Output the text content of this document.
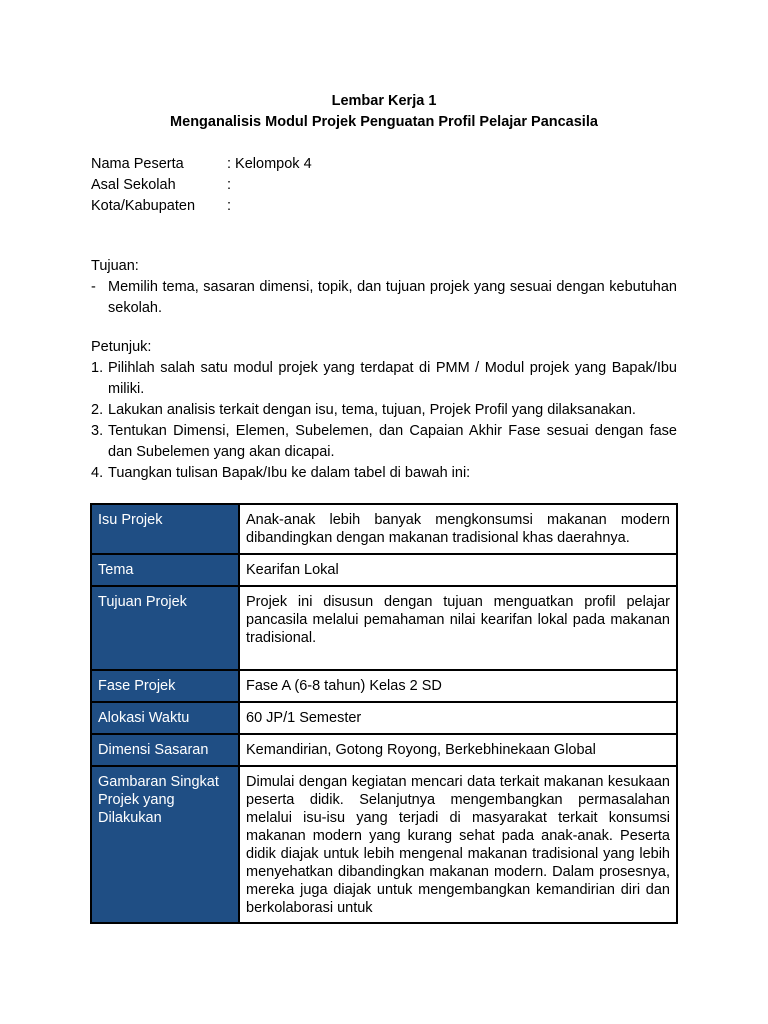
Lembar Kerja 1
Menganalisis Modul Projek Penguatan Profil Pelajar Pancasila
Nama Peserta	: Kelompok 4
Asal Sekolah	:
Kota/Kabupaten	:
Tujuan:
- Memilih tema, sasaran dimensi, topik, dan tujuan projek yang sesuai dengan kebutuhan sekolah.
Petunjuk:
1. Pilihlah salah satu modul projek yang terdapat di PMM / Modul projek yang Bapak/Ibu miliki.
2. Lakukan analisis terkait dengan isu, tema, tujuan, Projek Profil yang dilaksanakan.
3. Tentukan Dimensi, Elemen, Subelemen, dan Capaian Akhir Fase sesuai dengan fase dan Subelemen yang akan dicapai.
4. Tuangkan tulisan Bapak/Ibu ke dalam tabel di bawah ini:
Isu Projek	Anak-anak lebih banyak mengkonsumsi makanan modern dibandingkan dengan makanan tradisional khas daerahnya.
Tema	Kearifan Lokal
Tujuan Projek	Projek ini disusun dengan tujuan menguatkan profil pelajar pancasila melalui pemahaman nilai kearifan lokal pada makanan tradisional.
Fase Projek	Fase A (6-8 tahun) Kelas 2 SD
Alokasi Waktu	60 JP/1 Semester
Dimensi Sasaran	Kemandirian, Gotong Royong, Berkebhinekaan Global
Gambaran Singkat Projek yang Dilakukan	Dimulai dengan kegiatan mencari data terkait makanan kesukaan peserta didik. Selanjutnya mengembangkan permasalahan melalui isu-isu yang terjadi di masyarakat terkait konsumsi makanan modern yang kurang sehat pada anak-anak. Peserta didik diajak untuk lebih mengenal makanan tradisional yang lebih menyehatkan dibandingkan makanan modern. Dalam prosesnya, mereka juga diajak untuk mengembangkan kemandirian diri dan berkolaborasi untuk
